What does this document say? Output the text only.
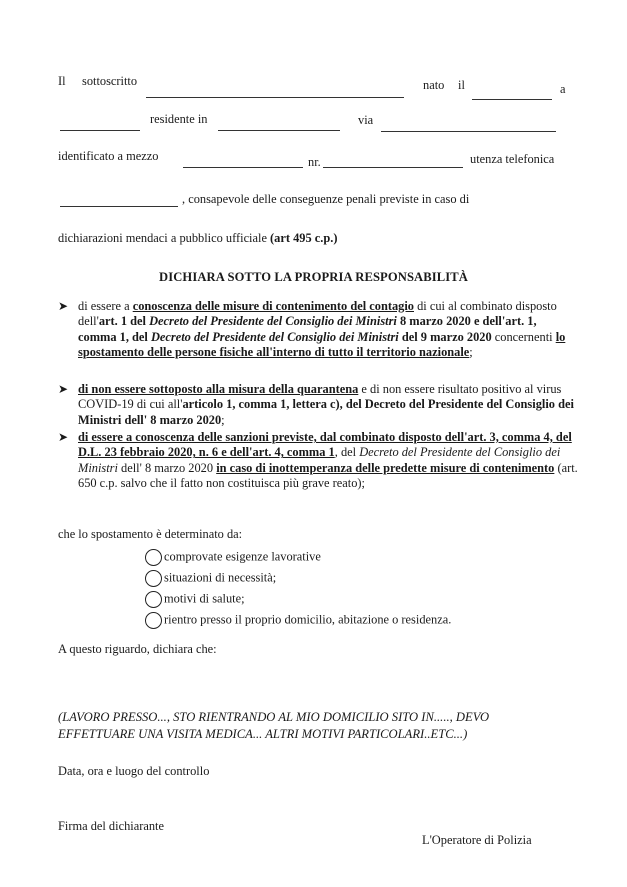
Il sottoscritto	nato il	a
residente in	via
identificato a mezzo	nr.	utenza telefonica
, consapevole delle conseguenze penali previste in caso di
dichiarazioni mendaci a pubblico ufficiale (art 495 c.p.)
DICHIARA SOTTO LA PROPRIA RESPONSABILITÀ
➤ di essere a conoscenza delle misure di contenimento del contagio di cui al combinato disposto dell'art. 1 del Decreto del Presidente del Consiglio dei Ministri 8 marzo 2020 e dell'art. 1, comma 1, del Decreto del Presidente del Consiglio dei Ministri del 9 marzo 2020 concernenti lo spostamento delle persone fisiche all'interno di tutto il territorio nazionale;
➤ di non essere sottoposto alla misura della quarantena e di non essere risultato positivo al virus COVID-19 di cui all'articolo 1, comma 1, lettera c), del Decreto del Presidente del Consiglio dei Ministri dell' 8 marzo 2020;
➤ di essere a conoscenza delle sanzioni previste, dal combinato disposto dell'art. 3, comma 4, del D.L. 23 febbraio 2020, n. 6 e dell'art. 4, comma 1, del Decreto del Presidente del Consiglio dei Ministri dell' 8 marzo 2020 in caso di inottemperanza delle predette misure di contenimento (art. 650 c.p. salvo che il fatto non costituisca più grave reato);
che lo spostamento è determinato da:
comprovate esigenze lavorative
situazioni di necessità;
motivi di salute;
rientro presso il proprio domicilio, abitazione o residenza.
A questo riguardo, dichiara che:
(LAVORO PRESSO..., STO RIENTRANDO AL MIO DOMICILIO SITO IN....., DEVO
EFFETTUARE UNA VISITA MEDICA... ALTRI MOTIVI PARTICOLARI..ETC...)
Data, ora e luogo del controllo
Firma del dichiarante
L'Operatore di Polizia
